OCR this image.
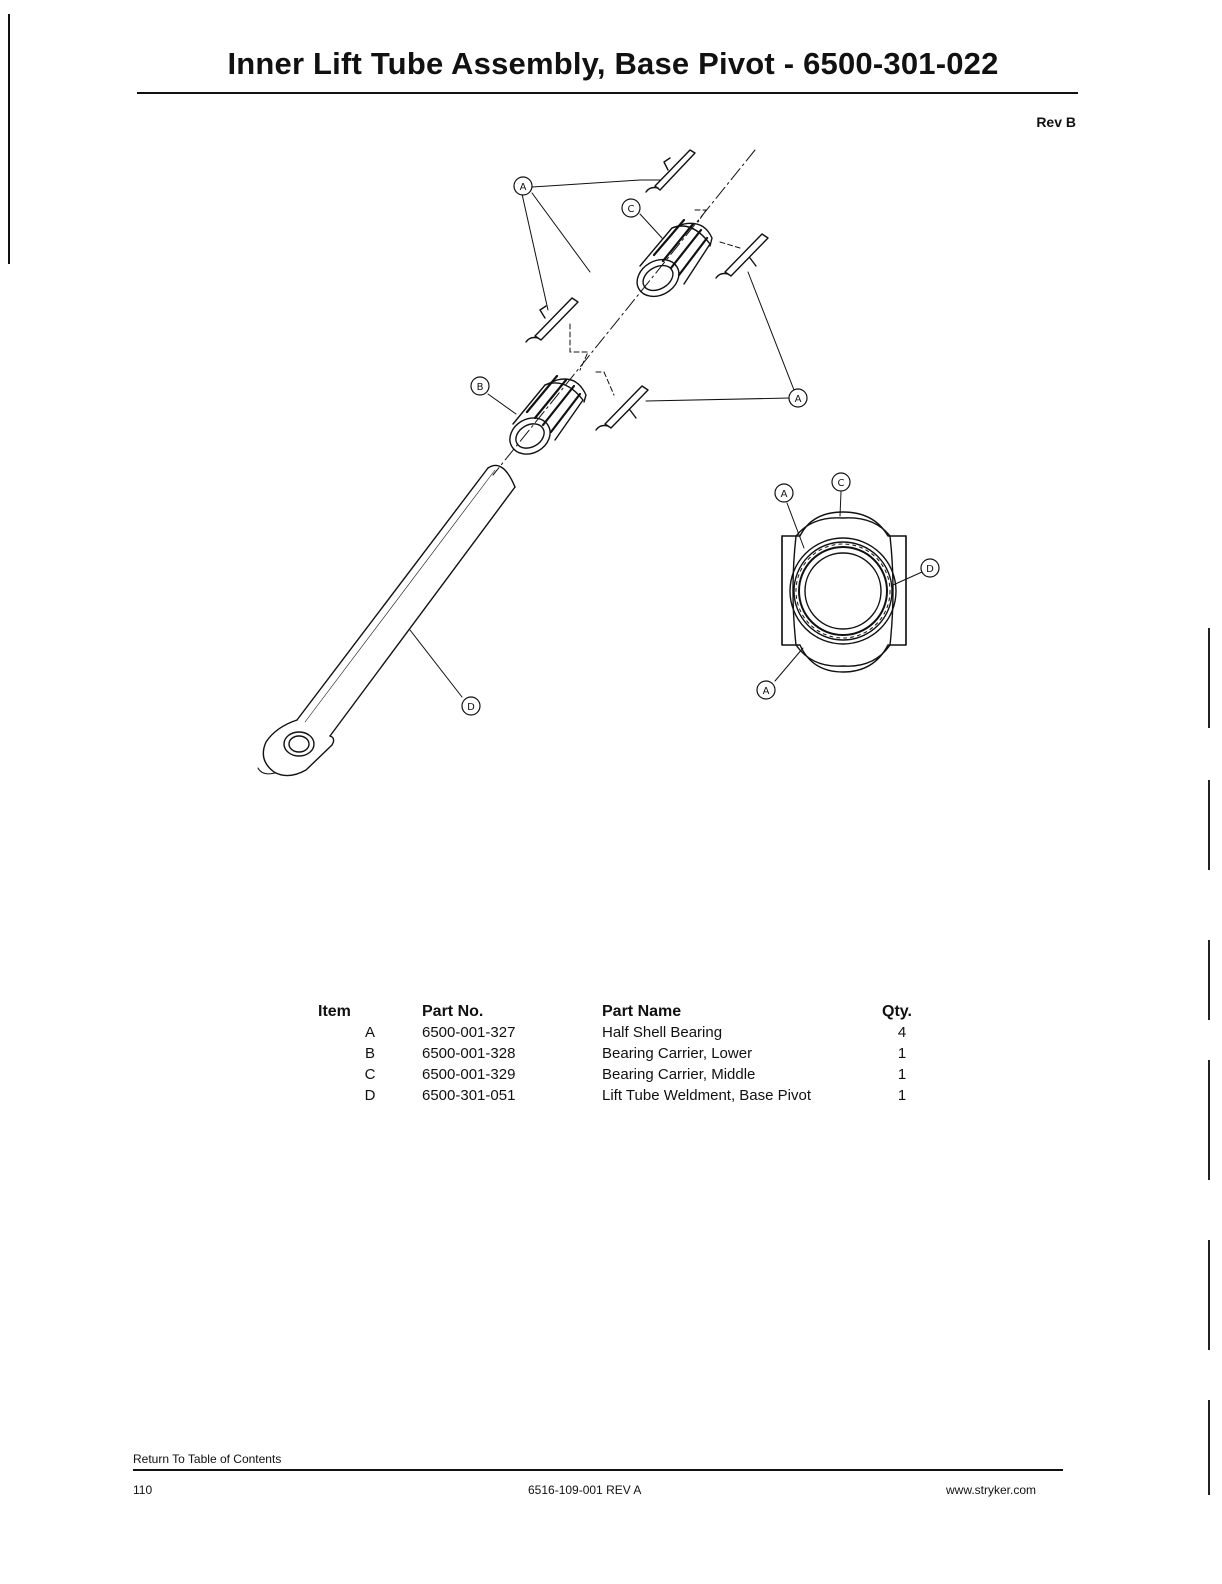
Inner Lift Tube Assembly, Base Pivot - 6500-301-022
Rev B
A
C
B
A
D
A
C
D
A
Item	Part No.	Part Name	Qty.
A	6500-001-327	Half Shell Bearing	4
B	6500-001-328	Bearing Carrier, Lower	1
C	6500-001-329	Bearing Carrier, Middle	1
D	6500-301-051	Lift Tube Weldment, Base Pivot	1
Return To Table of Contents
110	6516-109-001 REV A	www.stryker.com
